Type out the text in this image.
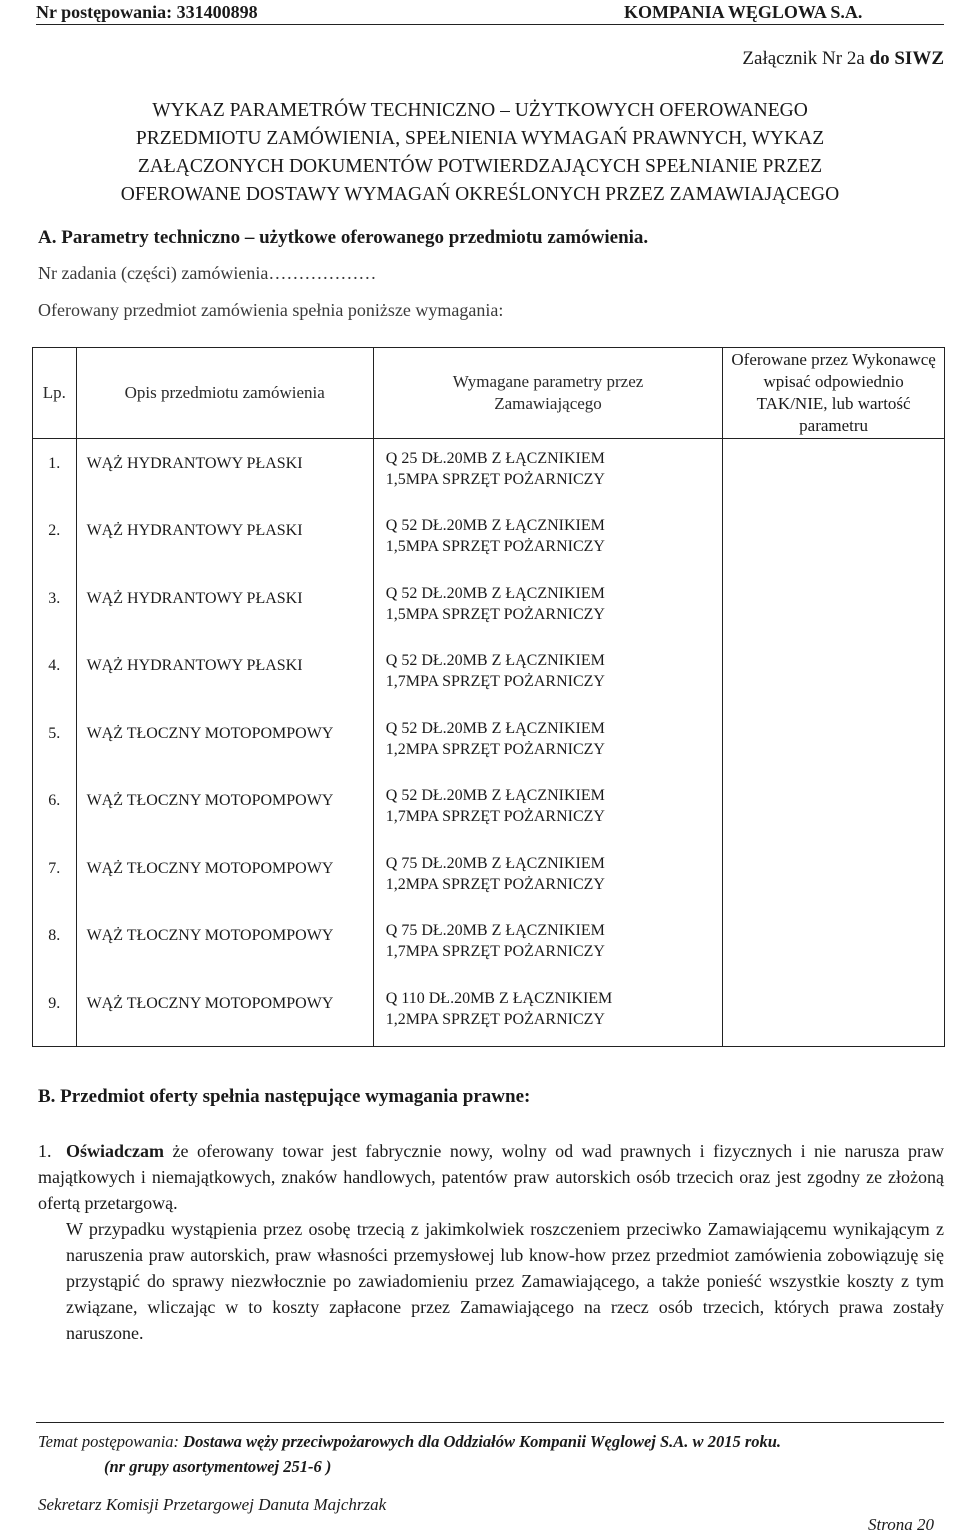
Nr postępowania: 331400898	KOMPANIA WĘGLOWA S.A.
Załącznik Nr 2a do SIWZ
WYKAZ PARAMETRÓW TECHNICZNO – UŻYTKOWYCH OFEROWANEGO
PRZEDMIOTU ZAMÓWIENIA, SPEŁNIENIA WYMAGAŃ PRAWNYCH, WYKAZ
ZAŁĄCZONYCH DOKUMENTÓW POTWIERDZAJĄCYCH SPEŁNIANIE PRZEZ
OFEROWANE DOSTAWY WYMAGAŃ OKREŚLONYCH PRZEZ ZAMAWIAJĄCEGO
A. Parametry techniczno – użytkowe oferowanego przedmiotu zamówienia.
Nr zadania (części) zamówienia………………
Oferowany przedmiot zamówienia spełnia poniższe wymagania:
Lp.	Opis przedmiotu zamówienia	Wymagane parametry przez Zamawiającego	Oferowane przez Wykonawcę wpisać odpowiednio TAK/NIE, lub wartość parametru
1.	WĄŻ HYDRANTOWY PŁASKI	Q 25 DŁ.20MB Z ŁĄCZNIKIEM
1,5MPA SPRZĘT POŻARNICZY	

2.	WĄŻ HYDRANTOWY PŁASKI	Q 52 DŁ.20MB Z ŁĄCZNIKIEM
1,5MPA SPRZĘT POŻARNICZY	

3.	WĄŻ HYDRANTOWY PŁASKI	Q 52 DŁ.20MB Z ŁĄCZNIKIEM
1,5MPA SPRZĘT POŻARNICZY	

4.	WĄŻ HYDRANTOWY PŁASKI	Q 52 DŁ.20MB Z ŁĄCZNIKIEM
1,7MPA SPRZĘT POŻARNICZY	

5.	WĄŻ TŁOCZNY MOTOPOMPOWY	Q 52 DŁ.20MB Z ŁĄCZNIKIEM
1,2MPA SPRZĘT POŻARNICZY	

6.	WĄŻ TŁOCZNY MOTOPOMPOWY	Q 52 DŁ.20MB Z ŁĄCZNIKIEM
1,7MPA SPRZĘT POŻARNICZY	

7.	WĄŻ TŁOCZNY MOTOPOMPOWY	Q 75 DŁ.20MB Z ŁĄCZNIKIEM
1,2MPA SPRZĘT POŻARNICZY	

8.	WĄŻ TŁOCZNY MOTOPOMPOWY	Q 75 DŁ.20MB Z ŁĄCZNIKIEM
1,7MPA SPRZĘT POŻARNICZY	

9.	WĄŻ TŁOCZNY MOTOPOMPOWY	Q 110 DŁ.20MB Z ŁĄCZNIKIEM
1,2MPA SPRZĘT POŻARNICZY	

B. Przedmiot oferty spełnia następujące wymagania prawne:
1. Oświadczam że oferowany towar jest fabrycznie nowy, wolny od wad prawnych i fizycznych i nie narusza praw majątkowych i niemajątkowych, znaków handlowych, patentów praw autorskich osób trzecich oraz jest zgodny ze złożoną ofertą przetargową.
W przypadku wystąpienia przez osobę trzecią z jakimkolwiek roszczeniem przeciwko Zamawiającemu wynikającym z naruszenia praw autorskich, praw własności przemysłowej lub know-how przez przedmiot zamówienia zobowiązuję się przystąpić do sprawy niezwłocznie po zawiadomieniu przez Zamawiającego, a także ponieść wszystkie koszty z tym związane, wliczając w to koszty zapłacone przez Zamawiającego na rzecz osób trzecich, których prawa zostały naruszone.
Temat postępowania: Dostawa węży przeciwpożarowych dla Oddziałów Kompanii Węglowej S.A. w 2015 roku.
(nr grupy asortymentowej 251-6 )
Sekretarz Komisji Przetargowej Danuta Majchrzak
Strona 20
